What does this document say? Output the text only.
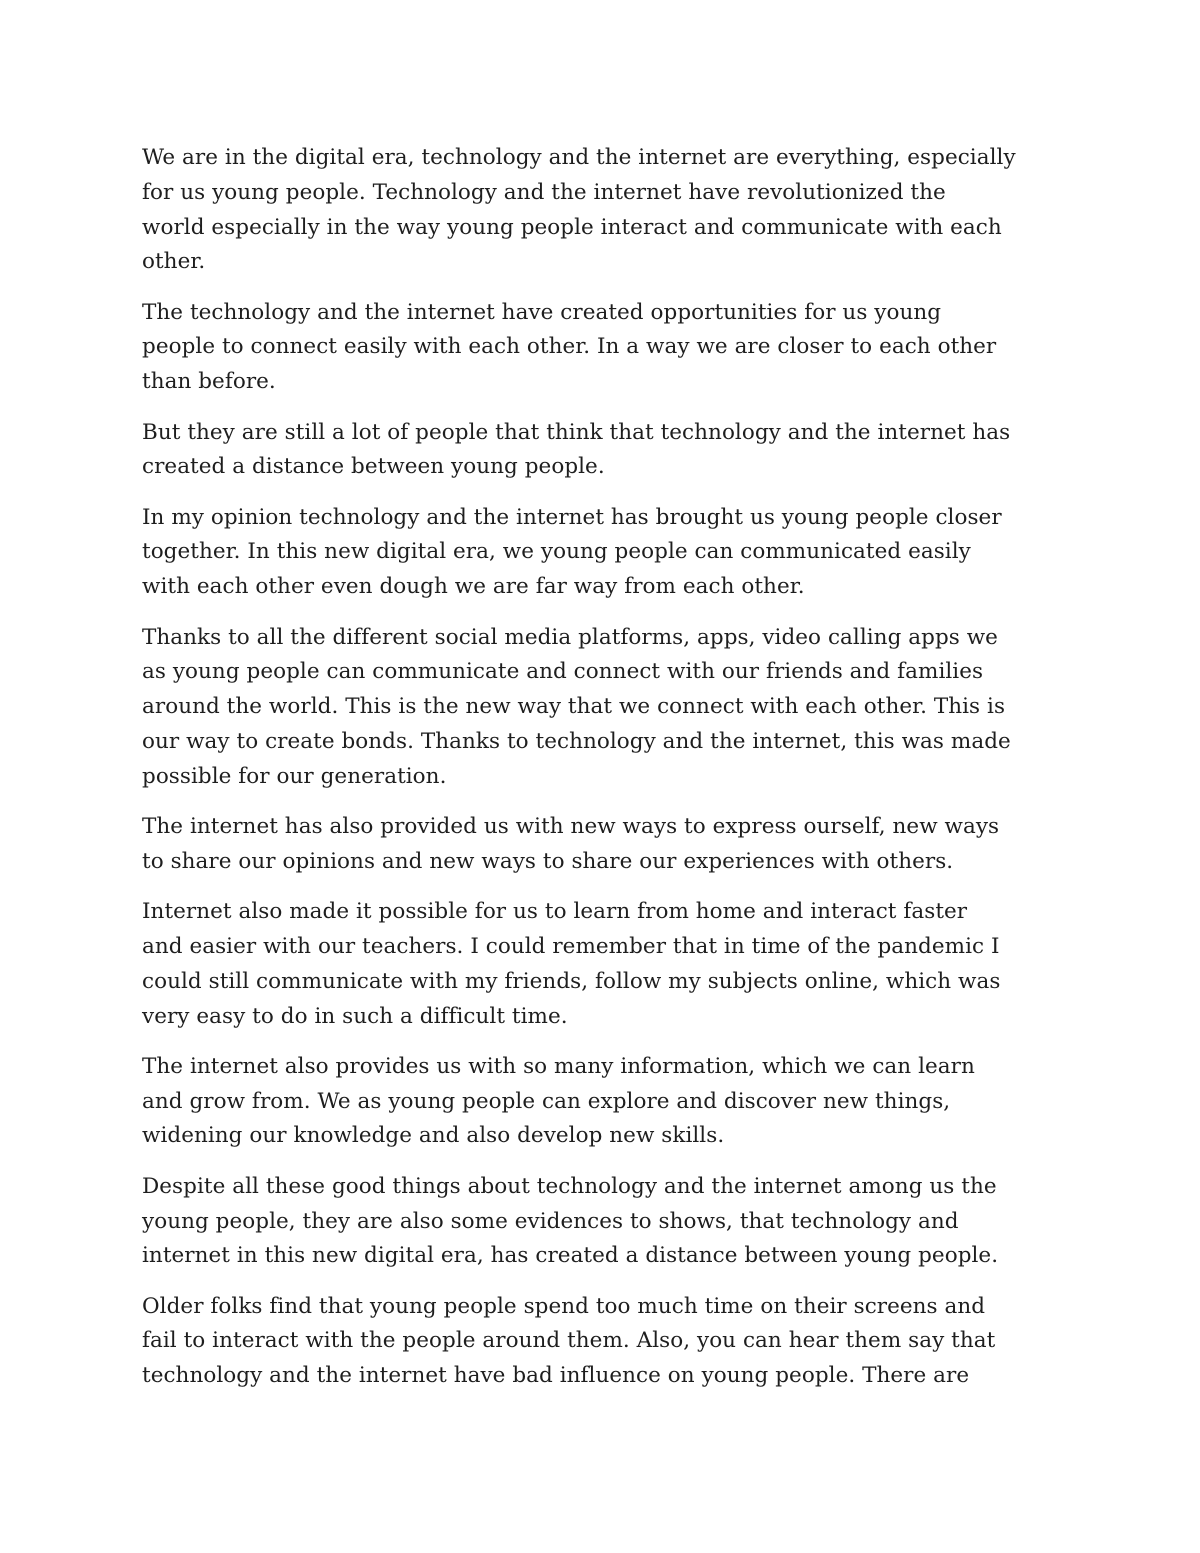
We are in the digital era, technology and the internet are everything, especially
for us young people. Technology and the internet have revolutionized the
world especially in the way young people interact and communicate with each
other.

The technology and the internet have created opportunities for us young
people to connect easily with each other. In a way we are closer to each other
than before.

But they are still a lot of people that think that technology and the internet has
created a distance between young people.

In my opinion technology and the internet has brought us young people closer
together. In this new digital era, we young people can communicated easily
with each other even dough we are far way from each other.

Thanks to all the different social media platforms, apps, video calling apps we
as young people can communicate and connect with our friends and families
around the world. This is the new way that we connect with each other. This is
our way to create bonds. Thanks to technology and the internet, this was made
possible for our generation.

The internet has also provided us with new ways to express ourself, new ways
to share our opinions and new ways to share our experiences with others.

Internet also made it possible for us to learn from home and interact faster
and easier with our teachers. I could remember that in time of the pandemic I
could still communicate with my friends, follow my subjects online, which was
very easy to do in such a difficult time.

The internet also provides us with so many information, which we can learn
and grow from. We as young people can explore and discover new things,
widening our knowledge and also develop new skills.

Despite all these good things about technology and the internet among us the
young people, they are also some evidences to shows, that technology and
internet in this new digital era, has created a distance between young people.

Older folks find that young people spend too much time on their screens and
fail to interact with the people around them. Also, you can hear them say that
technology and the internet have bad influence on young people. There are
